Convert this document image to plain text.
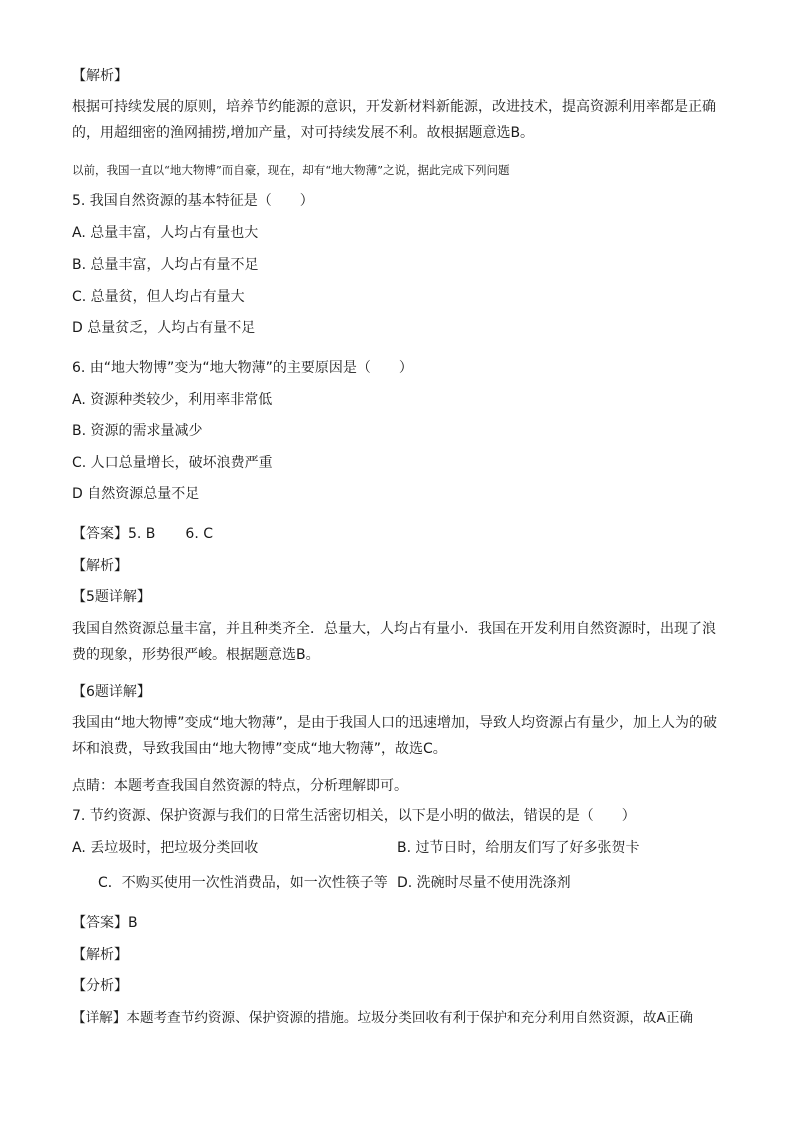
【解析】
根据可持续发展的原则，培养节约能源的意识，开发新材料新能源，改进技术，提高资源利用率都是正确的，用超细密的渔网捕捞,增加产量，对可持续发展不利。故根据题意选B。
以前，我国一直以“地大物博”而自豪，现在，却有“地大物薄”之说，据此完成下列问题
5. 我国自然资源的基本特征是（　　）
A. 总量丰富，人均占有量也大
B. 总量丰富，人均占有量不足
C. 总量贫，但人均占有量大
D 总量贫乏，人均占有量不足
6. 由“地大物博”变为“地大物薄”的主要原因是（　　）
A. 资源种类较少，利用率非常低
B. 资源的需求量减少
C. 人口总量增长，破坏浪费严重
D 自然资源总量不足
【答案】5. B 6. C
【解析】
【5题详解】
我国自然资源总量丰富，并且种类齐全．总量大，人均占有量小．我国在开发利用自然资源时，出现了浪费的现象，形势很严峻。根据题意选B。
【6题详解】
我国由“地大物博”变成“地大物薄”，是由于我国人口的迅速增加，导致人均资源占有量少，加上人为的破坏和浪费，导致我国由“地大物博”变成“地大物薄”，故选C。
点睛：本题考查我国自然资源的特点，分析理解即可。
7. 节约资源、保护资源与我们的日常生活密切相关，以下是小明的做法，错误的是（　　）
A. 丢垃圾时，把垃圾分类回收	B. 过节日时，给朋友们写了好多张贺卡
C．不购买使用一次性消费品，如一次性筷子等 D. 洗碗时尽量不使用洗涤剂
【答案】B
【解析】
【分析】
【详解】本题考查节约资源、保护资源的措施。垃圾分类回收有利于保护和充分利用自然资源，故A正确
